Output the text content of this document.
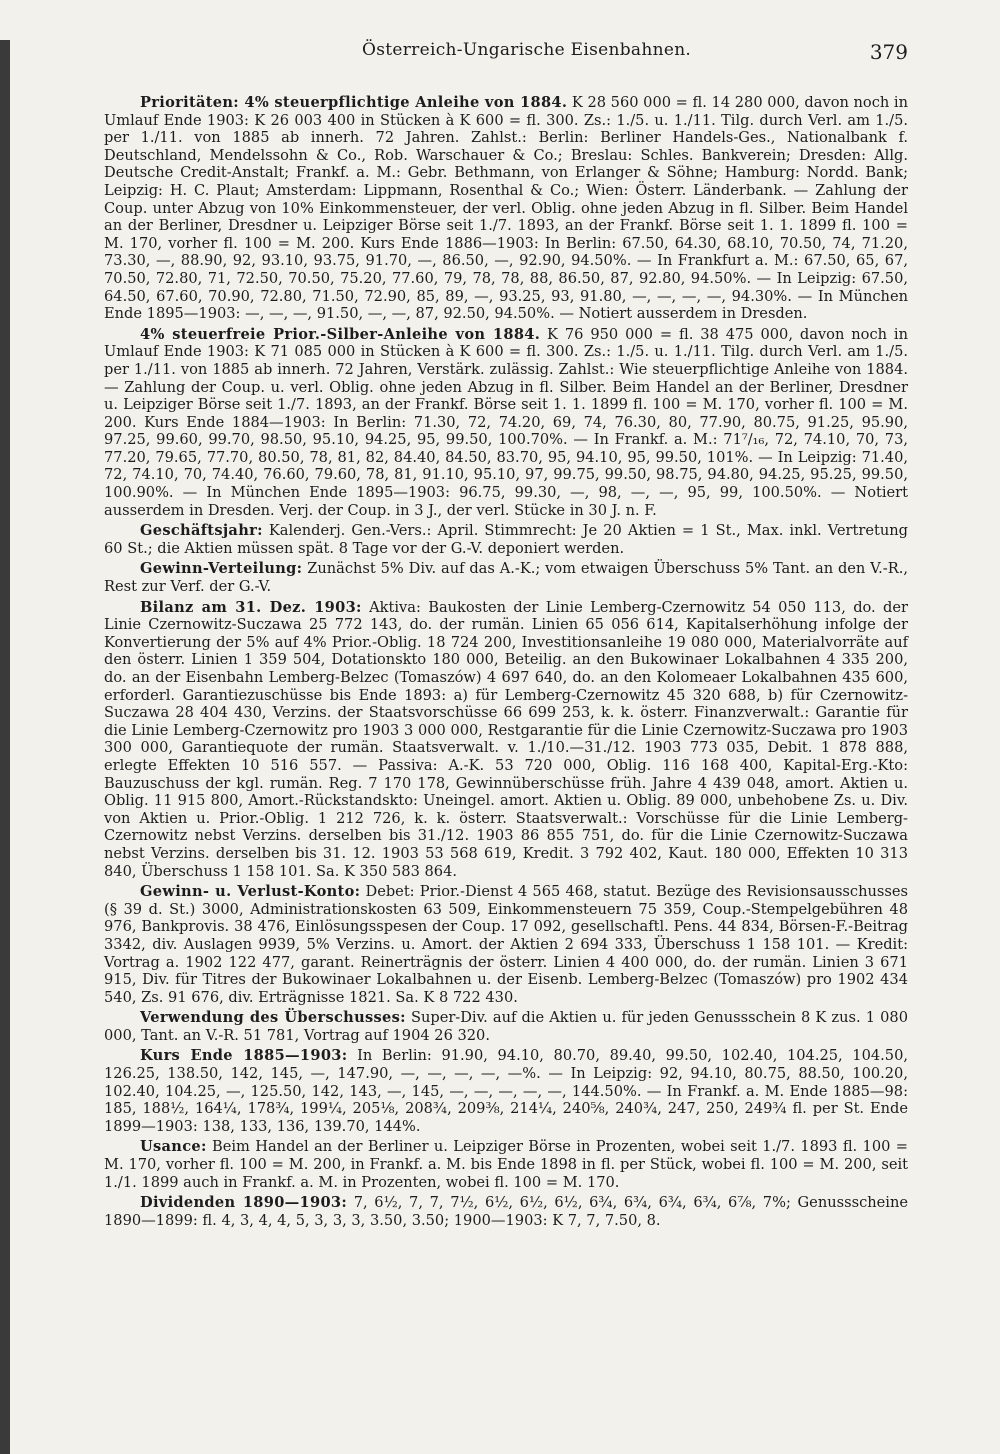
Österreich-Ungarische Eisenbahnen.	379

Prioritäten: 4% steuerpflichtige Anleihe von 1884. K 28 560 000 = fl. 14 280 000, davon noch in Umlauf Ende 1903: K 26 003 400 in Stücken à K 600 = fl. 300. Zs.: 1./5. u. 1./11. Tilg. durch Verl. am 1./5. per 1./11. von 1885 ab innerh. 72 Jahren. Zahlst.: Berlin: Berliner Handels-Ges., Nationalbank f. Deutschland, Mendelssohn & Co., Rob. Warschauer & Co.; Breslau: Schles. Bankverein; Dresden: Allg. Deutsche Credit-Anstalt; Frankf. a. M.: Gebr. Bethmann, von Erlanger & Söhne; Hamburg: Nordd. Bank; Leipzig: H. C. Plaut; Amsterdam: Lippmann, Rosenthal & Co.; Wien: Österr. Länderbank. — Zahlung der Coup. unter Abzug von 10% Einkommensteuer, der verl. Oblig. ohne jeden Abzug in fl. Silber. Beim Handel an der Berliner, Dresdner u. Leipziger Börse seit 1./7. 1893, an der Frankf. Börse seit 1. 1. 1899 fl. 100 = M. 170, vorher fl. 100 = M. 200. Kurs Ende 1886—1903: In Berlin: 67.50, 64.30, 68.10, 70.50, 74, 71.20, 73.30, —, 88.90, 92, 93.10, 93.75, 91.70, —, 86.50, —, 92.90, 94.50%. — In Frankfurt a. M.: 67.50, 65, 67, 70.50, 72.80, 71, 72.50, 70.50, 75.20, 77.60, 79, 78, 78, 88, 86.50, 87, 92.80, 94.50%. — In Leipzig: 67.50, 64.50, 67.60, 70.90, 72.80, 71.50, 72.90, 85, 89, —, 93.25, 93, 91.80, —, —, —, —, 94.30%. — In München Ende 1895—1903: —, —, —, 91.50, —, —, 87, 92.50, 94.50%. — Notiert ausserdem in Dresden.

4% steuerfreie Prior.-Silber-Anleihe von 1884. K 76 950 000 = fl. 38 475 000, davon noch in Umlauf Ende 1903: K 71 085 000 in Stücken à K 600 = fl. 300. Zs.: 1./5. u. 1./11. Tilg. durch Verl. am 1./5. per 1./11. von 1885 ab innerh. 72 Jahren, Verstärk. zulässig. Zahlst.: Wie steuerpflichtige Anleihe von 1884. — Zahlung der Coup. u. verl. Oblig. ohne jeden Abzug in fl. Silber. Beim Handel an der Berliner, Dresdner u. Leipziger Börse seit 1./7. 1893, an der Frankf. Börse seit 1. 1. 1899 fl. 100 = M. 170, vorher fl. 100 = M. 200. Kurs Ende 1884—1903: In Berlin: 71.30, 72, 74.20, 69, 74, 76.30, 80, 77.90, 80.75, 91.25, 95.90, 97.25, 99.60, 99.70, 98.50, 95.10, 94.25, 95, 99.50, 100.70%. — In Frankf. a. M.: 71⁷/₁₆, 72, 74.10, 70, 73, 77.20, 79.65, 77.70, 80.50, 78, 81, 82, 84.40, 84.50, 83.70, 95, 94.10, 95, 99.50, 101%. — In Leipzig: 71.40, 72, 74.10, 70, 74.40, 76.60, 79.60, 78, 81, 91.10, 95.10, 97, 99.75, 99.50, 98.75, 94.80, 94.25, 95.25, 99.50, 100.90%. — In München Ende 1895—1903: 96.75, 99.30, —, 98, —, —, 95, 99, 100.50%. — Notiert ausserdem in Dresden. Verj. der Coup. in 3 J., der verl. Stücke in 30 J. n. F.

Geschäftsjahr: Kalenderj. Gen.-Vers.: April. Stimmrecht: Je 20 Aktien = 1 St., Max. inkl. Vertretung 60 St.; die Aktien müssen spät. 8 Tage vor der G.-V. deponiert werden.

Gewinn-Verteilung: Zunächst 5% Div. auf das A.-K.; vom etwaigen Überschuss 5% Tant. an den V.-R., Rest zur Verf. der G.-V.

Bilanz am 31. Dez. 1903: Aktiva: Baukosten der Linie Lemberg-Czernowitz 54 050 113, do. der Linie Czernowitz-Suczawa 25 772 143, do. der rumän. Linien 65 056 614, Kapitalserhöhung infolge der Konvertierung der 5% auf 4% Prior.-Oblig. 18 724 200, Investitionsanleihe 19 080 000, Materialvorräte auf den österr. Linien 1 359 504, Dotationskto 180 000, Beteilig. an den Bukowinaer Lokalbahnen 4 335 200, do. an der Eisenbahn Lemberg-Belzec (Tomaszów) 4 697 640, do. an den Kolomeaer Lokalbahnen 435 600, erforderl. Garantiezuschüsse bis Ende 1893: a) für Lemberg-Czernowitz 45 320 688, b) für Czernowitz-Suczawa 28 404 430, Verzins. der Staatsvorschüsse 66 699 253, k. k. österr. Finanzverwalt.: Garantie für die Linie Lemberg-Czernowitz pro 1903 3 000 000, Restgarantie für die Linie Czernowitz-Suczawa pro 1903 300 000, Garantiequote der rumän. Staatsverwalt. v. 1./10.—31./12. 1903 773 035, Debit. 1 878 888, erlegte Effekten 10 516 557. — Passiva: A.-K. 53 720 000, Oblig. 116 168 400, Kapital-Erg.-Kto: Bauzuschuss der kgl. rumän. Reg. 7 170 178, Gewinnüberschüsse früh. Jahre 4 439 048, amort. Aktien u. Oblig. 11 915 800, Amort.-Rückstandskto: Uneingel. amort. Aktien u. Oblig. 89 000, unbehobene Zs. u. Div. von Aktien u. Prior.-Oblig. 1 212 726, k. k. österr. Staatsverwalt.: Vorschüsse für die Linie Lemberg-Czernowitz nebst Verzins. derselben bis 31./12. 1903 86 855 751, do. für die Linie Czernowitz-Suczawa nebst Verzins. derselben bis 31. 12. 1903 53 568 619, Kredit. 3 792 402, Kaut. 180 000, Effekten 10 313 840, Überschuss 1 158 101. Sa. K 350 583 864.

Gewinn- u. Verlust-Konto: Debet: Prior.-Dienst 4 565 468, statut. Bezüge des Revisionsausschusses (§ 39 d. St.) 3000, Administrationskosten 63 509, Einkommensteuern 75 359, Coup.-Stempelgebühren 48 976, Bankprovis. 38 476, Einlösungsspesen der Coup. 17 092, gesellschaftl. Pens. 44 834, Börsen-F.-Beitrag 3342, div. Auslagen 9939, 5% Verzins. u. Amort. der Aktien 2 694 333, Überschuss 1 158 101. — Kredit: Vortrag a. 1902 122 477, garant. Reinerträgnis der österr. Linien 4 400 000, do. der rumän. Linien 3 671 915, Div. für Titres der Bukowinaer Lokalbahnen u. der Eisenb. Lemberg-Belzec (Tomaszów) pro 1902 434 540, Zs. 91 676, div. Erträgnisse 1821. Sa. K 8 722 430.

Verwendung des Überschusses: Super-Div. auf die Aktien u. für jeden Genussschein 8 K zus. 1 080 000, Tant. an V.-R. 51 781, Vortrag auf 1904 26 320.

Kurs Ende 1885—1903: In Berlin: 91.90, 94.10, 80.70, 89.40, 99.50, 102.40, 104.25, 104.50, 126.25, 138.50, 142, 145, —, 147.90, —, —, —, —, —%. — In Leipzig: 92, 94.10, 80.75, 88.50, 100.20, 102.40, 104.25, —, 125.50, 142, 143, —, 145, —, —, —, —, —, 144.50%. — In Frankf. a. M. Ende 1885—98: 185, 188½, 164¼, 178¾, 199¼, 205⅛, 208¾, 209⅜, 214¼, 240⅝, 240¾, 247, 250, 249¾ fl. per St. Ende 1899—1903: 138, 133, 136, 139.70, 144%.

Usance: Beim Handel an der Berliner u. Leipziger Börse in Prozenten, wobei seit 1./7. 1893 fl. 100 = M. 170, vorher fl. 100 = M. 200, in Frankf. a. M. bis Ende 1898 in fl. per Stück, wobei fl. 100 = M. 200, seit 1./1. 1899 auch in Frankf. a. M. in Prozenten, wobei fl. 100 = M. 170.

Dividenden 1890—1903: 7, 6½, 7, 7, 7½, 6½, 6½, 6½, 6¾, 6¾, 6¾, 6¾, 6⅞, 7%; Genussscheine 1890—1899: fl. 4, 3, 4, 4, 5, 3, 3, 3, 3.50, 3.50; 1900—1903: K 7, 7, 7.50, 8.
